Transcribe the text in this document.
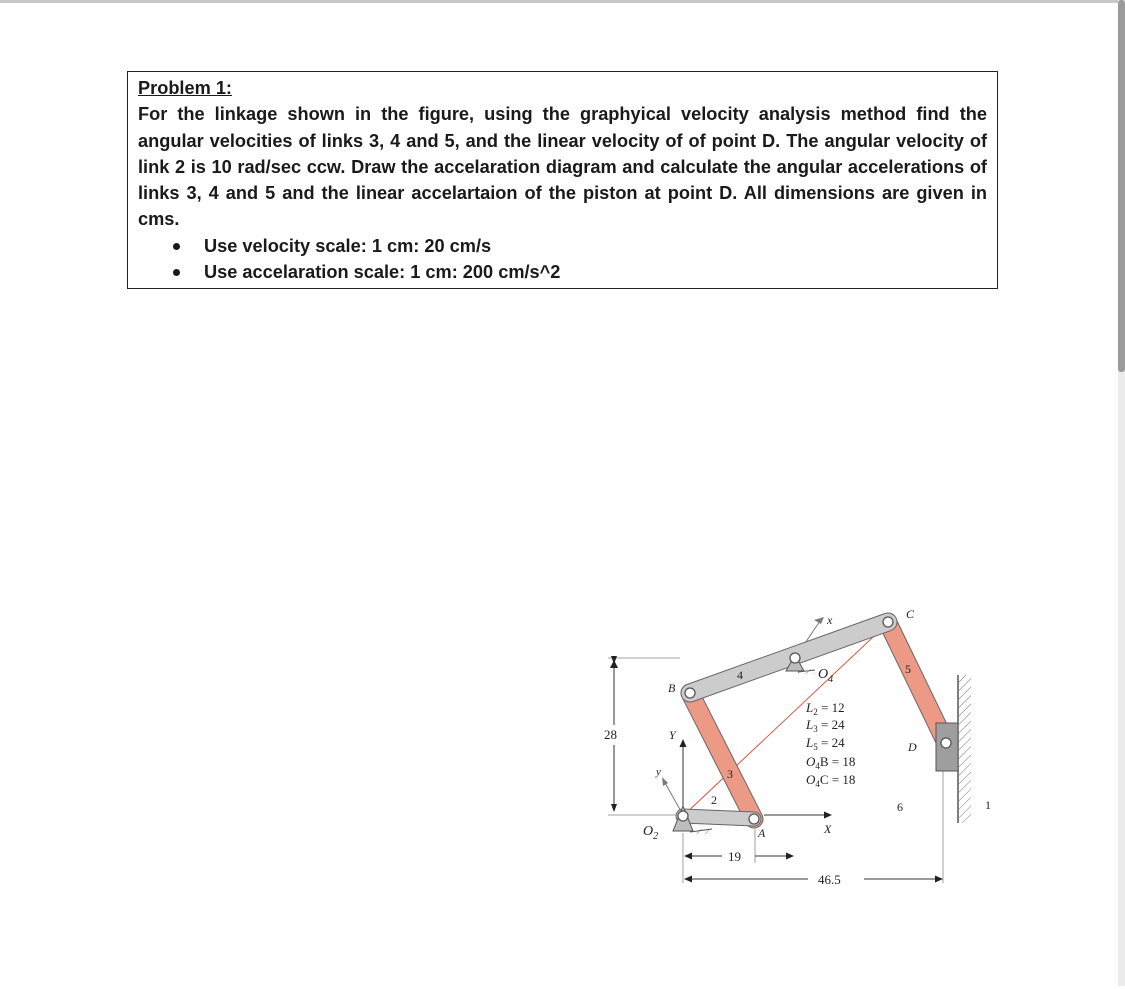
Problem 1:

For the linkage shown in the figure, using the graphyical velocity analysis method find the angular velocities of links 3, 4 and 5, and the linear velocity of of point D. The angular velocity of link 2 is 10 rad/sec ccw. Draw the accelaration diagram and calculate the angular accelerations of links 3, 4 and 5 and the linear accelartaion of the piston at point D. All dimensions are given in cms.

Use velocity scale: 1 cm: 20 cm/s
Use accelaration scale: 1 cm: 200 cm/s^2
28
19
46.5
Y
X
y
x
B
C
D
A
$O_4$
$O_2$
2
3
4	5
6	1
$L_2 = 12$
$L_3 = 24$
$L_5 = 24$
$O_4B = 18$
$O_4C = 18$
